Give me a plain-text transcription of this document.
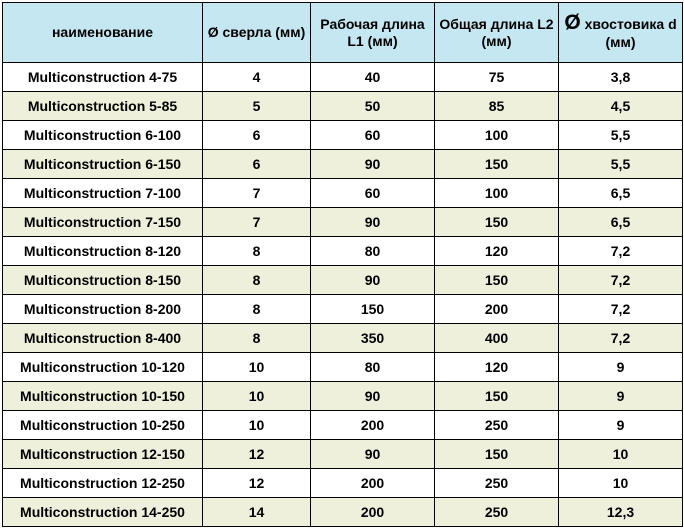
наименование	Ø сверла (мм)	Рабочая длина L1 (мм)	Общая длина L2 (мм)	Ø хвостовика d (мм)
Multiconstruction 4-75	4	40	75	3,8
Multiconstruction 5-85	5	50	85	4,5
Multiconstruction 6-100	6	60	100	5,5
Multiconstruction 6-150	6	90	150	5,5
Multiconstruction 7-100	7	60	100	6,5
Multiconstruction 7-150	7	90	150	6,5
Multiconstruction 8-120	8	80	120	7,2
Multiconstruction 8-150	8	90	150	7,2
Multiconstruction 8-200	8	150	200	7,2
Multiconstruction 8-400	8	350	400	7,2
Multiconstruction 10-120	10	80	120	9
Multiconstruction 10-150	10	90	150	9
Multiconstruction 10-250	10	200	250	9
Multiconstruction 12-150	12	90	150	10
Multiconstruction 12-250	12	200	250	10
Multiconstruction 14-250	14	200	250	12,3
